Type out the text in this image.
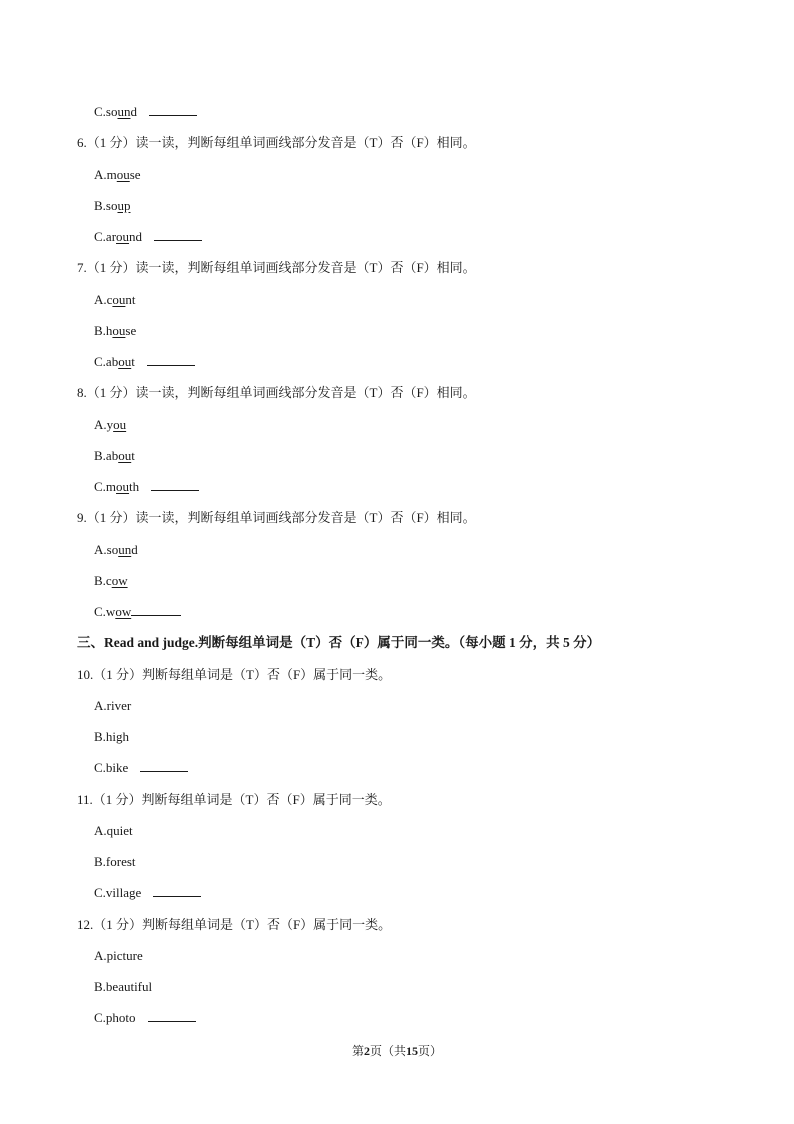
C.sound
6.（1 分）读一读，判断每组单词画线部分发音是（T）否（F）相同。
A.mouse
B.soup
C.around
7.（1 分）读一读，判断每组单词画线部分发音是（T）否（F）相同。
A.count
B.house
C.about
8.（1 分）读一读，判断每组单词画线部分发音是（T）否（F）相同。
A.you
B.about
C.mouth
9.（1 分）读一读，判断每组单词画线部分发音是（T）否（F）相同。
A.sound
B.cow
C.wow
三、Read and judge.判断每组单词是（T）否（F）属于同一类。（每小题 1 分，共 5 分）
10.（1 分）判断每组单词是（T）否（F）属于同一类。
A.river
B.high
C.bike
11.（1 分）判断每组单词是（T）否（F）属于同一类。
A.quiet
B.forest
C.village
12.（1 分）判断每组单词是（T）否（F）属于同一类。
A.picture
B.beautiful
C.photo
第2页（共15页）
